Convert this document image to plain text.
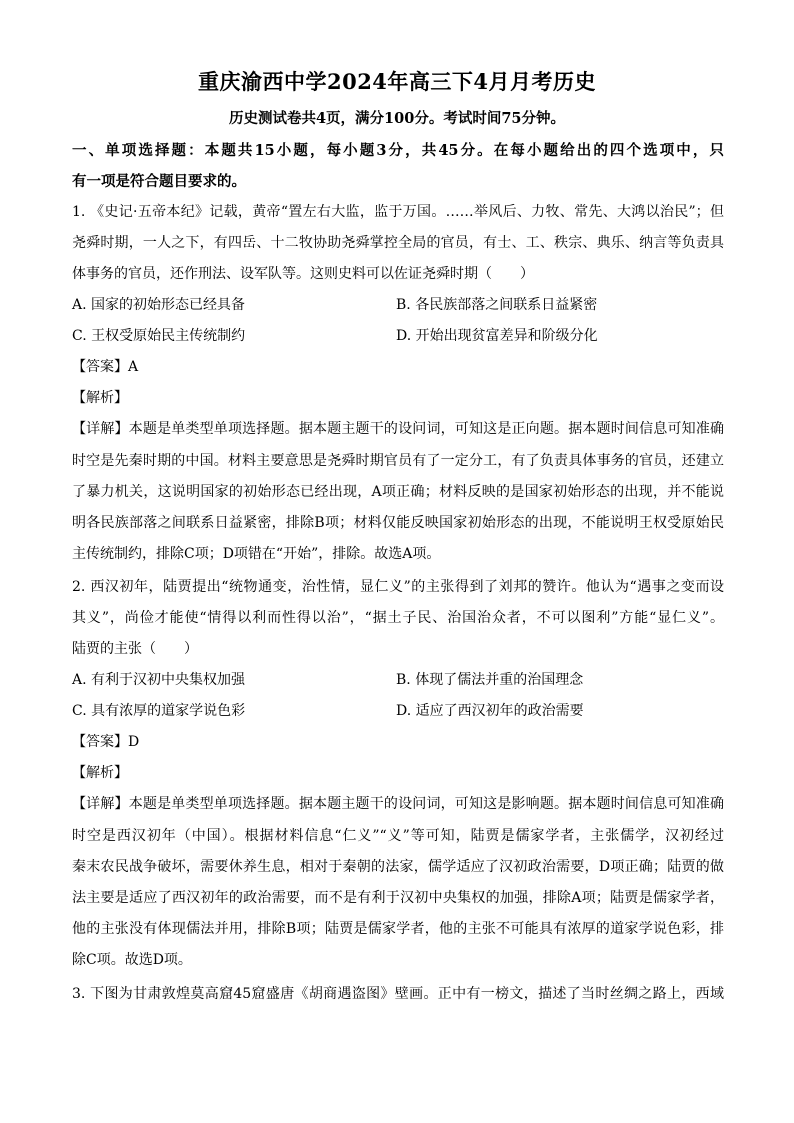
重庆渝西中学2024年高三下4月月考历史
历史测试卷共4页，满分100分。考试时间75分钟。
一、单项选择题：本题共15小题，每小题3分，共45分。在每小题给出的四个选项中，只
有一项是符合题目要求的。
1. 《史记·五帝本纪》记载，黄帝“置左右大监，监于万国。……举风后、力牧、常先、大鸿以治民”；但
尧舜时期，一人之下，有四岳、十二牧协助尧舜掌控全局的官员，有士、工、秩宗、典乐、纳言等负责具
体事务的官员，还作刑法、设军队等。这则史料可以佐证尧舜时期（　　）
A. 国家的初始形态已经具备	B. 各民族部落之间联系日益紧密
C. 王权受原始民主传统制约	D. 开始出现贫富差异和阶级分化
【答案】A
【解析】
【详解】本题是单类型单项选择题。据本题主题干的设问词，可知这是正向题。据本题时间信息可知准确
时空是先秦时期的中国。材料主要意思是尧舜时期官员有了一定分工，有了负责具体事务的官员，还建立
了暴力机关，这说明国家的初始形态已经出现，A项正确；材料反映的是国家初始形态的出现，并不能说
明各民族部落之间联系日益紧密，排除B项；材料仅能反映国家初始形态的出现，不能说明王权受原始民
主传统制约，排除C项；D项错在“开始”，排除。故选A项。
2. 西汉初年，陆贾提出“统物通变，治性情，显仁义”的主张得到了刘邦的赞许。他认为“遇事之变而设
其义”，尚俭才能使“情得以利而性得以治”，“据土子民、治国治众者，不可以图利”方能“显仁义”。
陆贾的主张（　　）
A. 有利于汉初中央集权加强	B. 体现了儒法并重的治国理念
C. 具有浓厚的道家学说色彩	D. 适应了西汉初年的政治需要
【答案】D
【解析】
【详解】本题是单类型单项选择题。据本题主题干的设问词，可知这是影响题。据本题时间信息可知准确
时空是西汉初年（中国）。根据材料信息“仁义”“义”等可知，陆贾是儒家学者，主张儒学，汉初经过
秦末农民战争破坏，需要休养生息，相对于秦朝的法家，儒学适应了汉初政治需要，D项正确；陆贾的做
法主要是适应了西汉初年的政治需要，而不是有利于汉初中央集权的加强，排除A项；陆贾是儒家学者，
他的主张没有体现儒法并用，排除B项；陆贾是儒家学者，他的主张不可能具有浓厚的道家学说色彩，排
除C项。故选D项。
3. 下图为甘肃敦煌莫高窟45窟盛唐《胡商遇盗图》壁画。正中有一榜文，描述了当时丝绸之路上，西域
